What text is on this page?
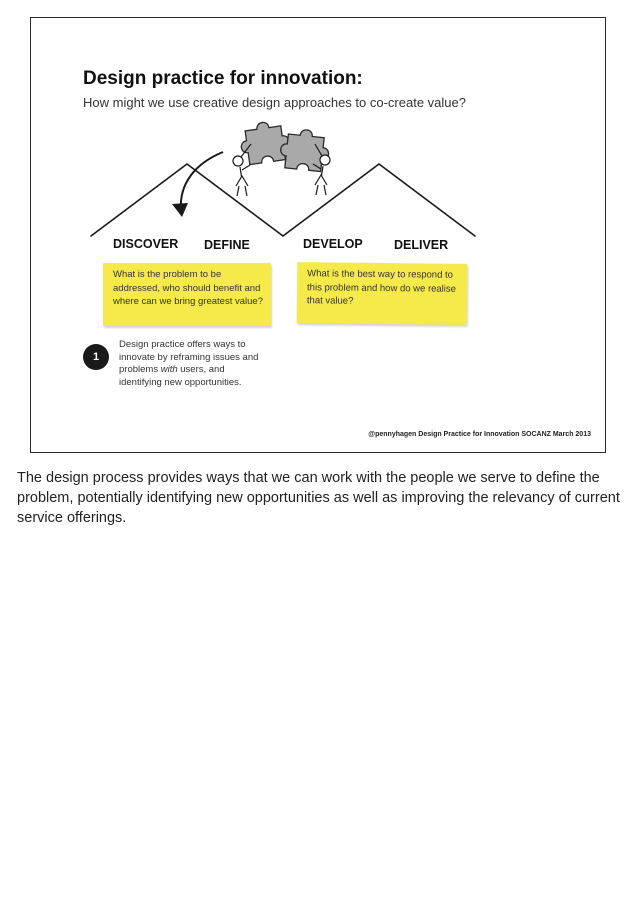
Design practice for innovation:
How might we use creative design approaches to co-create value?
DISCOVER DEFINE	DEVELOP	DELIVER
What is the problem to be addressed, who should benefit and where can we bring greatest value?
What is the best way to respond to this problem and how do we realise that value?
1
Design practice offers ways to innovate by reframing issues and problems with users, and identifying new opportunities.
@pennyhagen Design Practice for Innovation SOCANZ March 2013
The design process provides ways that we can work with the people we serve to define the problem, potentially identifying new opportunities as well as improving the relevancy of current service offerings.
